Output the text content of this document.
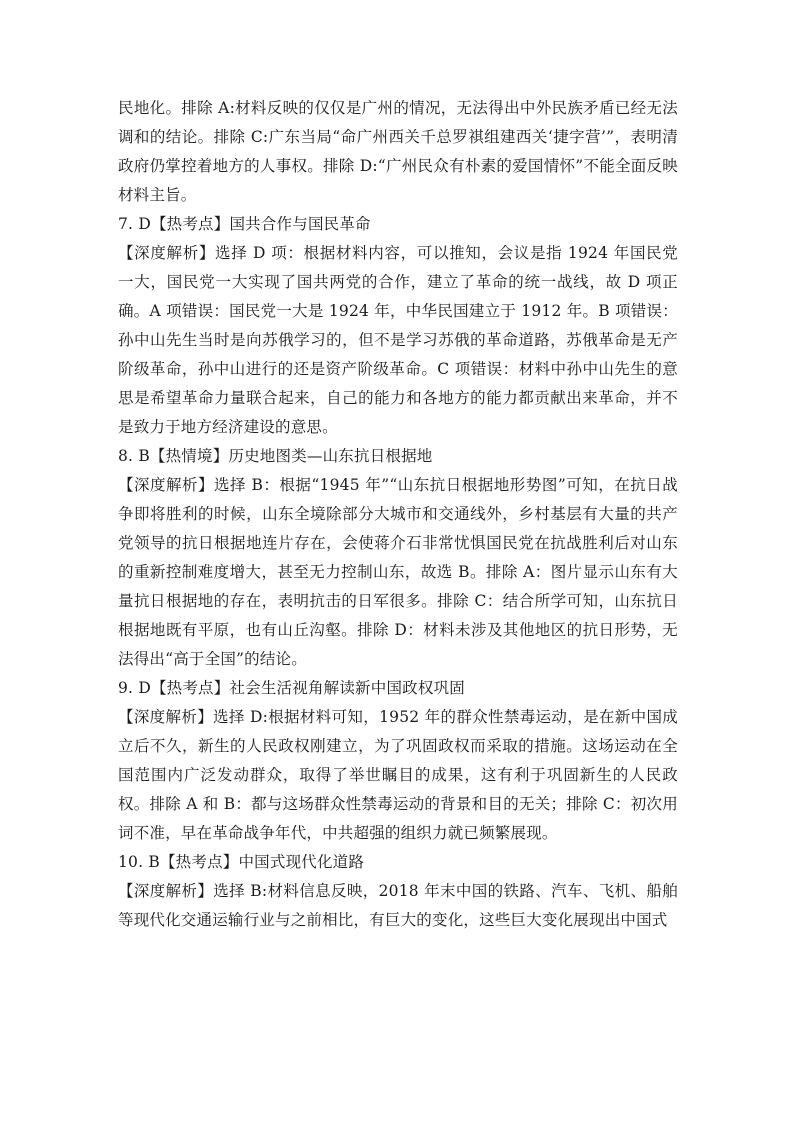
民地化。排除 A:材料反映的仅仅是广州的情况，无法得出中外民族矛盾已经无法调和的结论。排除 C:广东当局“命广州西关千总罗祺组建西关‘捷字营’”，表明清政府仍掌控着地方的人事权。排除 D:“广州民众有朴素的爱国情怀”不能全面反映材料主旨。

7. D【热考点】国共合作与国民革命

【深度解析】选择 D 项：根据材料内容，可以推知，会议是指 1924 年国民党一大，国民党一大实现了国共两党的合作，建立了革命的统一战线，故 D 项正确。A 项错误：国民党一大是 1924 年，中华民国建立于 1912 年。B 项错误：孙中山先生当时是向苏俄学习的，但不是学习苏俄的革命道路，苏俄革命是无产阶级革命，孙中山进行的还是资产阶级革命。C 项错误：材料中孙中山先生的意思是希望革命力量联合起来，自己的能力和各地方的能力都贡献出来革命，并不是致力于地方经济建设的意思。

8. B【热情境】历史地图类—山东抗日根据地

【深度解析】选择 B：根据“1945 年”“山东抗日根据地形势图”可知，在抗日战争即将胜利的时候，山东全境除部分大城市和交通线外，乡村基层有大量的共产党领导的抗日根据地连片存在，会使蒋介石非常忧惧国民党在抗战胜利后对山东的重新控制难度增大，甚至无力控制山东，故选 B。排除 A：图片显示山东有大量抗日根据地的存在，表明抗击的日军很多。排除 C：结合所学可知，山东抗日根据地既有平原，也有山丘沟壑。排除 D：材料未涉及其他地区的抗日形势，无法得出“高于全国”的结论。

9. D【热考点】社会生活视角解读新中国政权巩固

【深度解析】选择 D:根据材料可知，1952 年的群众性禁毒运动，是在新中国成立后不久，新生的人民政权刚建立，为了巩固政权而采取的措施。这场运动在全国范围内广泛发动群众，取得了举世瞩目的成果，这有利于巩固新生的人民政权。排除 A 和 B：都与这场群众性禁毒运动的背景和目的无关；排除 C：初次用词不准，早在革命战争年代，中共超强的组织力就已频繁展现。

10. B【热考点】中国式现代化道路

【深度解析】选择 B:材料信息反映，2018 年末中国的铁路、汽车、飞机、船舶等现代化交通运输行业与之前相比，有巨大的变化，这些巨大变化展现出中国式
